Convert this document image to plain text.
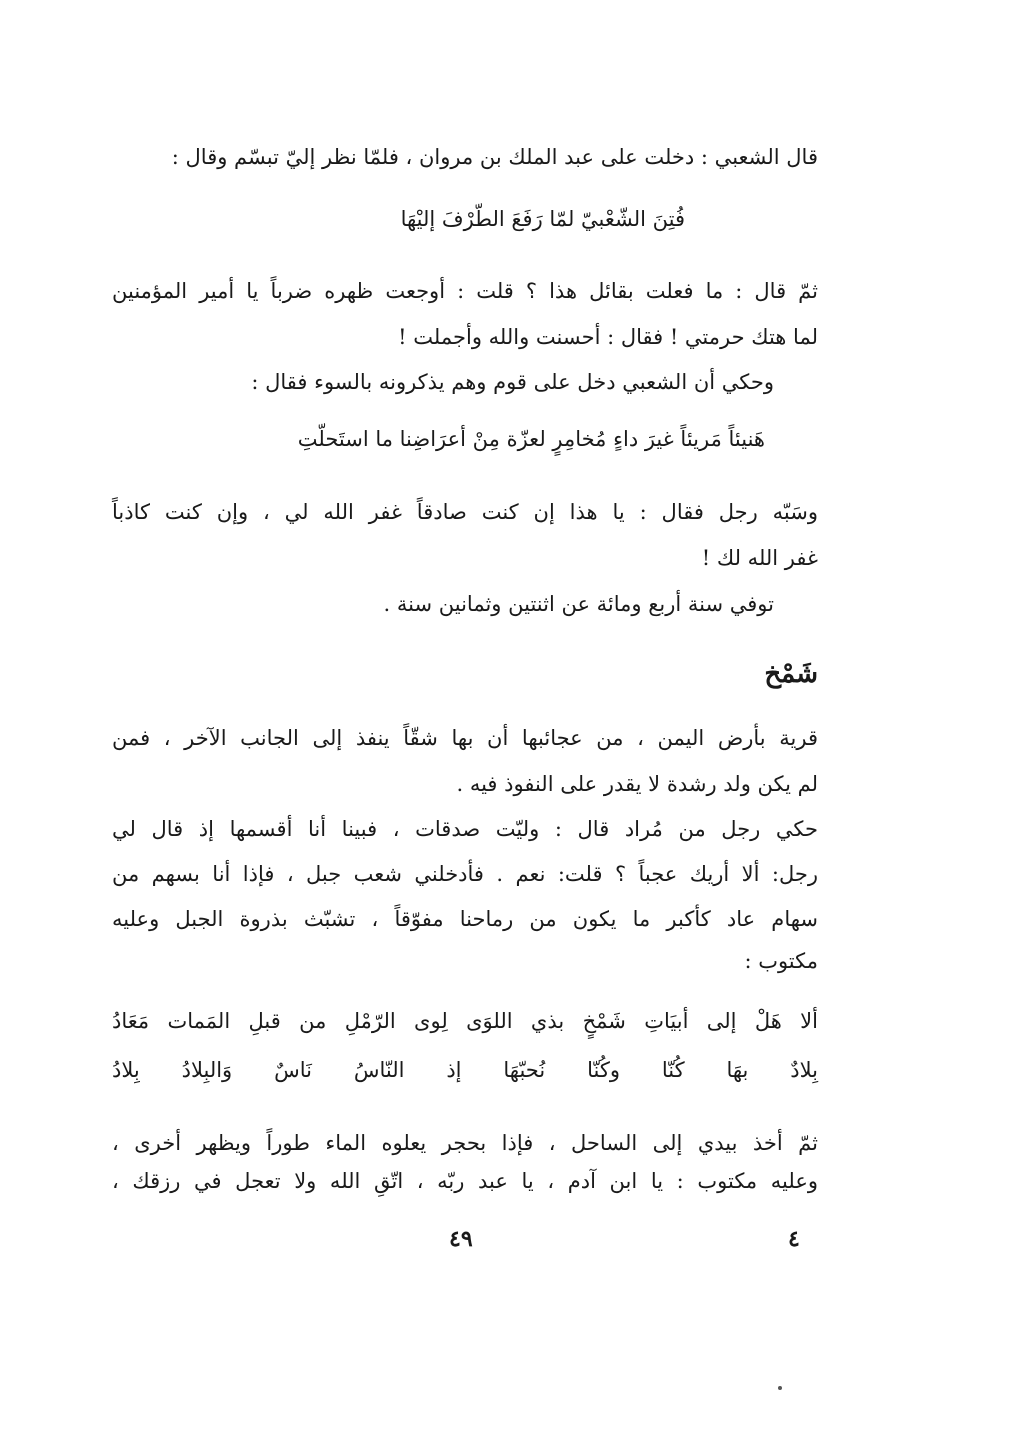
قال الشعبي : دخلت على عبد الملك بن مروان ، فلمّا نظر إليّ تبسّم وقال :
فُتِنَ الشّعْبيّ لمّا رَفَعَ الطّرْفَ إليْهَا
ثمّ قال : ما فعلت بقائل هذا ؟ قلت : أوجعت ظهره ضرباً يا أمير المؤمنين
لما هتك حرمتي ! فقال : أحسنت والله وأجملت !
وحكي أن الشعبي دخل على قوم وهم يذكرونه بالسوء فقال :
هَنيئاً مَريئاً غيرَ داءٍ مُخامِرٍ لعزّة مِنْ أعرَاضِنا ما استَحلّتِ
وسَبّه رجل فقال : يا هذا إن كنت صادقاً غفر الله لي ، وإن كنت كاذباً
غفر الله لك !
توفي سنة أربع ومائة عن اثنتين وثمانين سنة .
شَمْخ
قرية بأرض اليمن ، من عجائبها أن بها شقّاً ينفذ إلى الجانب الآخر ، فمن
لم يكن ولد رشدة لا يقدر على النفوذ فيه .
حكي رجل من مُراد قال : وليّت صدقات ، فبينا أنا أقسمها إذ قال لي
رجل: ألا أريك عجباً ؟ قلت: نعم . فأدخلني شعب جبل ، فإذا أنا بسهم من
سهام عاد كأكبر ما يكون من رماحنا مفوّقاً ، تشبّث بذروة الجبل وعليه
مكتوب :
ألا هَلْ إلى أبيَاتِ شَمْخٍ بذي اللوَى لِوى الرّمْلِ من قبلِ المَمات مَعَادُ
بِلادٌ بهَا كُنّا وكُنّا نُحبّهَا إذ النّاسُ نَاسٌ وَالبِلادُ بِلادُ
ثمّ أخذ بيدي إلى الساحل ، فإذا بحجر يعلوه الماء طوراً ويظهر أخرى ،
وعليه مكتوب : يا ابن آدم ، يا عبد ربّه ، اتّقِ الله ولا تعجل في رزقك ،
٤٩	٤
